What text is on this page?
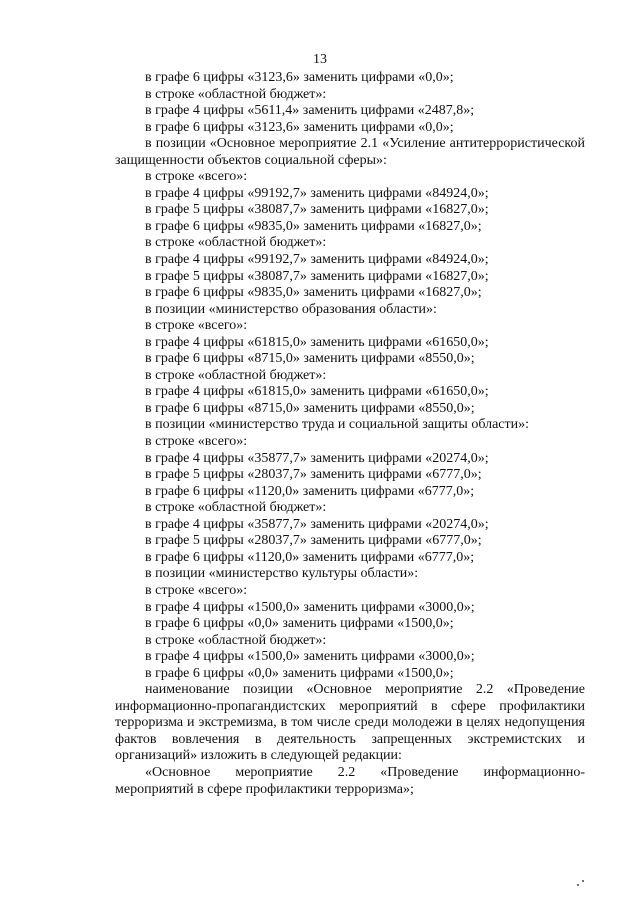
13
в графе 6 цифры «3123,6» заменить цифрами «0,0»;
в строке «областной бюджет»:
в графе 4 цифры «5611,4» заменить цифрами «2487,8»;
в графе 6 цифры «3123,6» заменить цифрами «0,0»;
в позиции «Основное мероприятие 2.1 «Усиление антитеррористической
защищенности объектов социальной сферы»:
в строке «всего»:
в графе 4 цифры «99192,7» заменить цифрами «84924,0»;
в графе 5 цифры «38087,7» заменить цифрами «16827,0»;
в графе 6 цифры «9835,0» заменить цифрами «16827,0»;
в строке «областной бюджет»:
в графе 4 цифры «99192,7» заменить цифрами «84924,0»;
в графе 5 цифры «38087,7» заменить цифрами «16827,0»;
в графе 6 цифры «9835,0» заменить цифрами «16827,0»;
в позиции «министерство образования области»:
в строке «всего»:
в графе 4 цифры «61815,0» заменить цифрами «61650,0»;
в графе 6 цифры «8715,0» заменить цифрами «8550,0»;
в строке «областной бюджет»:
в графе 4 цифры «61815,0» заменить цифрами «61650,0»;
в графе 6 цифры «8715,0» заменить цифрами «8550,0»;
в позиции «министерство труда и социальной защиты области»:
в строке «всего»:
в графе 4 цифры «35877,7» заменить цифрами «20274,0»;
в графе 5 цифры «28037,7» заменить цифрами «6777,0»;
в графе 6 цифры «1120,0» заменить цифрами «6777,0»;
в строке «областной бюджет»:
в графе 4 цифры «35877,7» заменить цифрами «20274,0»;
в графе 5 цифры «28037,7» заменить цифрами «6777,0»;
в графе 6 цифры «1120,0» заменить цифрами «6777,0»;
в позиции «министерство культуры области»:
в строке «всего»:
в графе 4 цифры «1500,0» заменить цифрами «3000,0»;
в графе 6 цифры «0,0» заменить цифрами «1500,0»;
в строке «областной бюджет»:
в графе 4 цифры «1500,0» заменить цифрами «3000,0»;
в графе 6 цифры «0,0» заменить цифрами «1500,0»;
наименование позиции «Основное мероприятие 2.2 «Проведение
информационно-пропагандистских мероприятий в сфере профилактики
терроризма и экстремизма, в том числе среди молодежи в целях недопущения
фактов вовлечения в деятельность запрещенных экстремистских и
организаций» изложить в следующей редакции:
«Основное мероприятие 2.2 «Проведение информационно-
мероприятий в сфере профилактики терроризма»;
